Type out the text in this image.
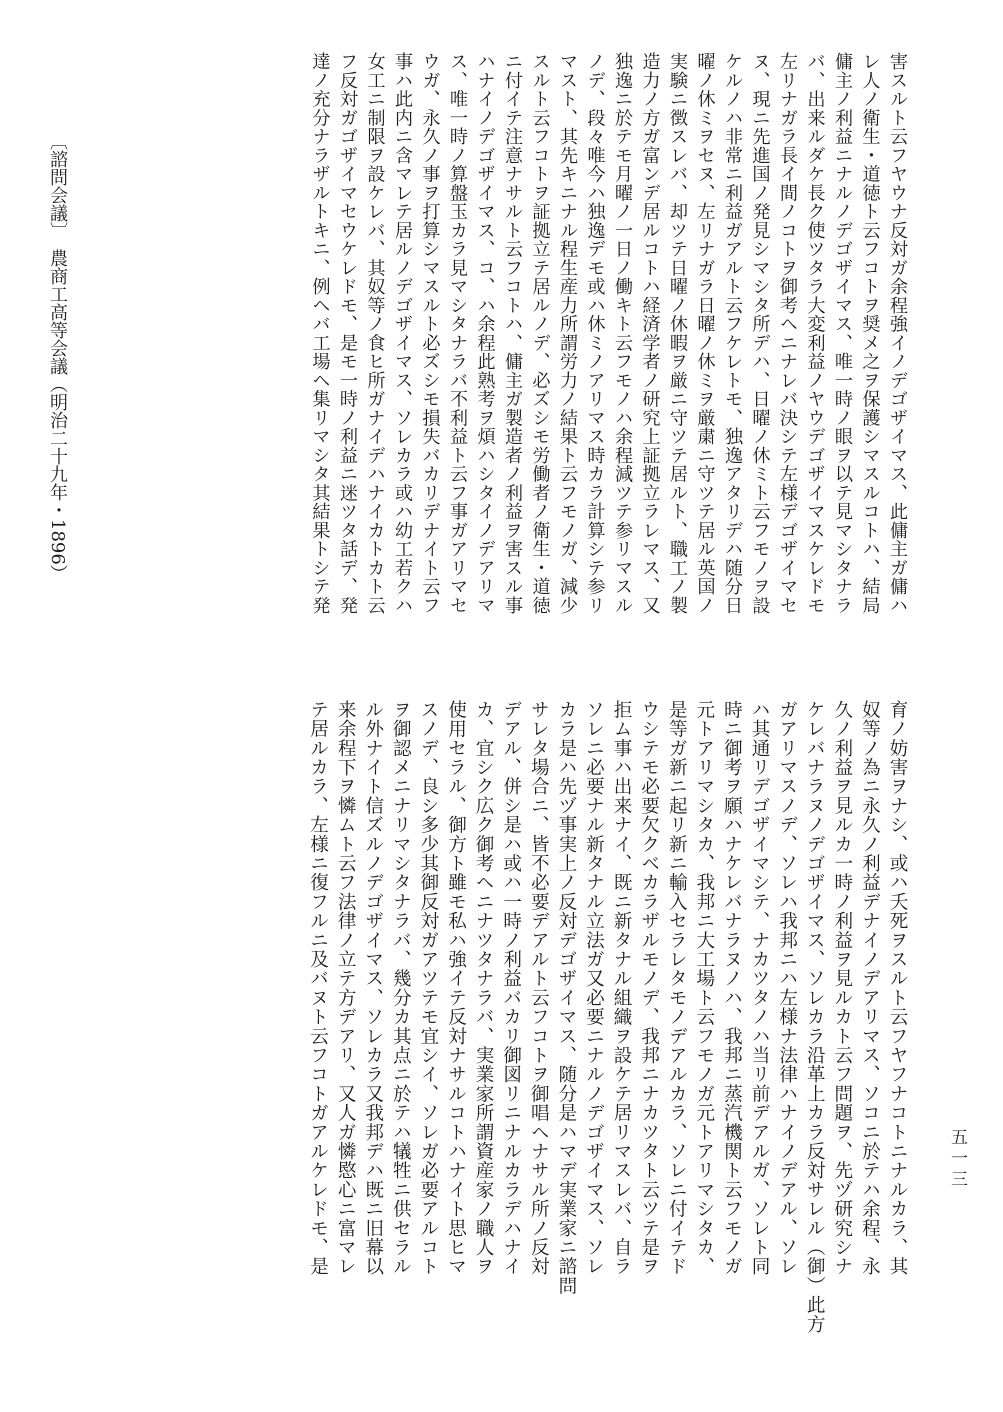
害スルト云フヤウナ反対ガ余程強イノデゴザイマス、此傭主ガ傭ハ
レ人ノ衛生・道徳ト云フコトヲ奨メ之ヲ保護シマスルコトハ、結局
傭主ノ利益ニナルノデゴザイマス、唯一時ノ眼ヲ以テ見マシタナラ
バ、出来ルダケ長ク使ツタラ大変利益ノヤウデゴザイマスケレドモ
左リナガラ長イ間ノコトヲ御考ヘニナレバ決シテ左様デゴザイマセ
ヌ、現ニ先進国ノ発見シマシタ所デハ、日曜ノ休ミト云フモノヲ設
ケルノハ非常ニ利益ガアルト云フケレトモ、独逸アタリデハ随分日
曜ノ休ミヲセヌ、左リナガラ日曜ノ休ミヲ厳粛ニ守ツテ居ル英国ノ
実験ニ徴スレバ、却ツテ日曜ノ休暇ヲ厳ニ守ツテ居ルト、職工ノ製
造力ノ方ガ富ンデ居ルコトハ経済学者ノ研究上証拠立ラレマス、又
独逸ニ於テモ月曜ノ一日ノ働キト云フモノハ余程減ツテ参リマスル
ノデ、段々唯今ハ独逸デモ或ハ休ミノアリマス時カラ計算シテ参リ
マスト、其先キニナル程生産力所謂労力ノ結果ト云フモノガ、減少
スルト云フコトヲ証拠立テ居ルノデ、必ズシモ労働者ノ衛生・道徳
ニ付イテ注意ナサルト云フコトハ、傭主ガ製造者ノ利益ヲ害スル事
ハナイノデゴザイマス、コ、ハ余程此熟考ヲ煩ハシタイノデアリマ
ス、唯一時ノ算盤玉カラ見マシタナラバ不利益ト云フ事ガアリマセ
ウガ、永久ノ事ヲ打算シマスルト必ズシモ損失バカリデナイト云フ
事ハ此内ニ含マレテ居ルノデゴザイマス、ソレカラ或ハ幼工若クハ
女工ニ制限ヲ設ケレバ、其奴等ノ食ヒ所ガナイデハナイカトカト云
フ反対ガゴザイマセウケレドモ、是モ一時ノ利益ニ迷ツタ話デ、発
達ノ充分ナラザルトキニ、例ヘバ工場ヘ集リマシタ其結果トシテ発
育ノ妨害ヲナシ、或ハ夭死ヲスルト云フヤフナコトニナルカラ、其
奴等ノ為ニ永久ノ利益デナイノデアリマス、ソコニ於テハ余程、永
久ノ利益ヲ見ルカ一時ノ利益ヲ見ルカト云フ問題ヲ、先ヅ研究シナ
ケレバナラヌノデゴザイマス、ソレカラ沿革上カラ反対サレル（御）此方
ガアリマスノデ、ソレハ我邦ニハ左様ナ法律ハナイノデアル、ソレ
ハ其通リデゴザイマシテ、ナカツタノハ当リ前デアルガ、ソレト同
時ニ御考ヲ願ハナケレバナラヌノハ、我邦ニ蒸汽機関ト云フモノガ
元トアリマシタカ、我邦ニ大工場ト云フモノガ元トアリマシタカ、
是等ガ新ニ起リ新ニ輸入セラレタモノデアルカラ、ソレニ付イテド
ウシテモ必要欠クベカラザルモノデ、我邦ニナカツタト云ツテ是ヲ
拒ム事ハ出来ナイ、既ニ新タナル組織ヲ設ケテ居リマスレバ、自ラ
ソレニ必要ナル新タナル立法ガ又必要ニナルノデゴザイマス、ソレ
カラ是ハ先ヅ事実上ノ反対デゴザイマス、随分是ハマデ実業家ニ諮問
サレタ場合ニ、皆不必要デアルト云フコトヲ御唱ヘナサル所ノ反対
デアル、併シ是ハ或ハ一時ノ利益バカリ御図リニナルカラデハナイ
カ、宜シク広ク御考ヘニナツタナラバ、実業家所謂資産家ノ職人ヲ
使用セラル、御方ト雖モ私ハ強イテ反対ナサルコトハナイト思ヒマ
スノデ、良シ多少其御反対ガアツテモ宜シイ、ソレガ必要アルコト
ヲ御認メニナリマシタナラバ、幾分カ其点ニ於テハ犠牲ニ供セラル
ル外ナイト信ズルノデゴザイマス、ソレカラ又我邦デハ既ニ旧幕以
来余程下ヲ憐ムト云フ法律ノ立テ方デアリ、又人ガ憐愍心ニ富マレ
テ居ルカラ、左様ニ復フルニ及バヌト云フコトガアルケレドモ、是
〔諮問会議〕　農商工高等会議（明治二十九年・1896）
五一三
